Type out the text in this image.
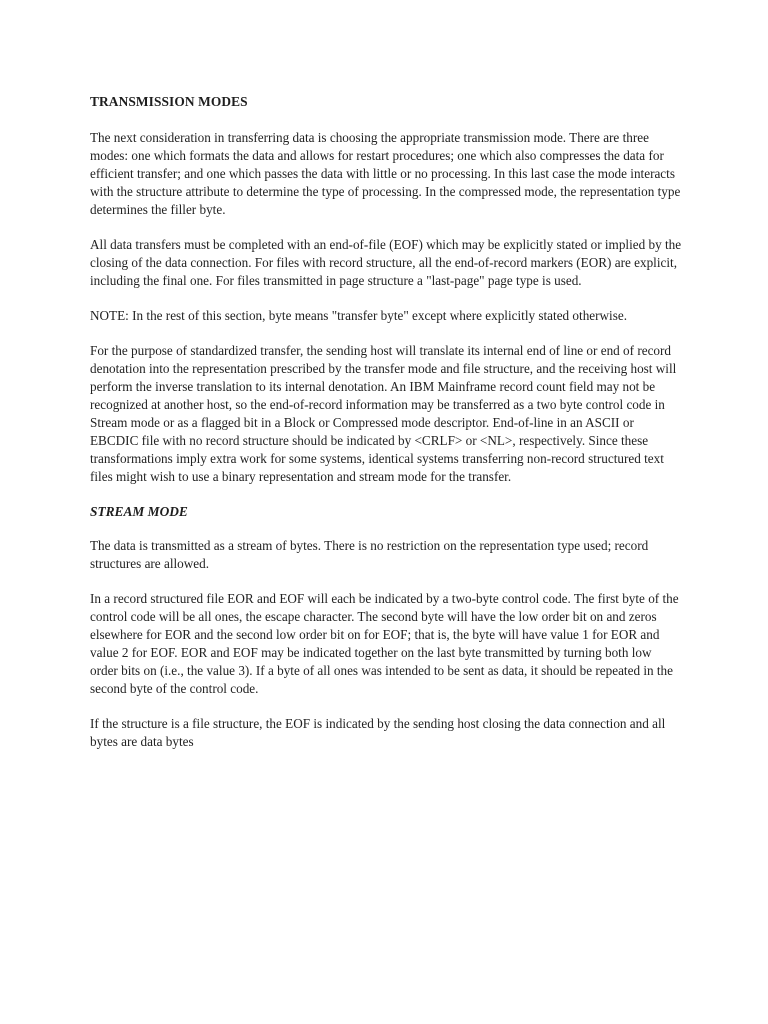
TRANSMISSION MODES

The next consideration in transferring data is choosing the appropriate transmission mode. There are three modes: one which formats the data and allows for restart procedures; one which also compresses the data for efficient transfer; and one which passes the data with little or no processing. In this last case the mode interacts with the structure attribute to determine the type of processing. In the compressed mode, the representation type determines the filler byte.

All data transfers must be completed with an end-of-file (EOF) which may be explicitly stated or implied by the closing of the data connection. For files with record structure, all the end-of-record markers (EOR) are explicit, including the final one. For files transmitted in page structure a "last-page" page type is used.

NOTE: In the rest of this section, byte means "transfer byte" except where explicitly stated otherwise.

For the purpose of standardized transfer, the sending host will translate its internal end of line or end of record denotation into the representation prescribed by the transfer mode and file structure, and the receiving host will perform the inverse translation to its internal denotation. An IBM Mainframe record count field may not be recognized at another host, so the end-of-record information may be transferred as a two byte control code in Stream mode or as a flagged bit in a Block or Compressed mode descriptor. End-of-line in an ASCII or EBCDIC file with no record structure should be indicated by <CRLF> or <NL>, respectively. Since these transformations imply extra work for some systems, identical systems transferring non-record structured text files might wish to use a binary representation and stream mode for the transfer.

STREAM MODE

The data is transmitted as a stream of bytes. There is no restriction on the representation type used; record structures are allowed.

In a record structured file EOR and EOF will each be indicated by a two-byte control code. The first byte of the control code will be all ones, the escape character. The second byte will have the low order bit on and zeros elsewhere for EOR and the second low order bit on for EOF; that is, the byte will have value 1 for EOR and value 2 for EOF. EOR and EOF may be indicated together on the last byte transmitted by turning both low order bits on (i.e., the value 3). If a byte of all ones was intended to be sent as data, it should be repeated in the second byte of the control code.

If the structure is a file structure, the EOF is indicated by the sending host closing the data connection and all bytes are data bytes
